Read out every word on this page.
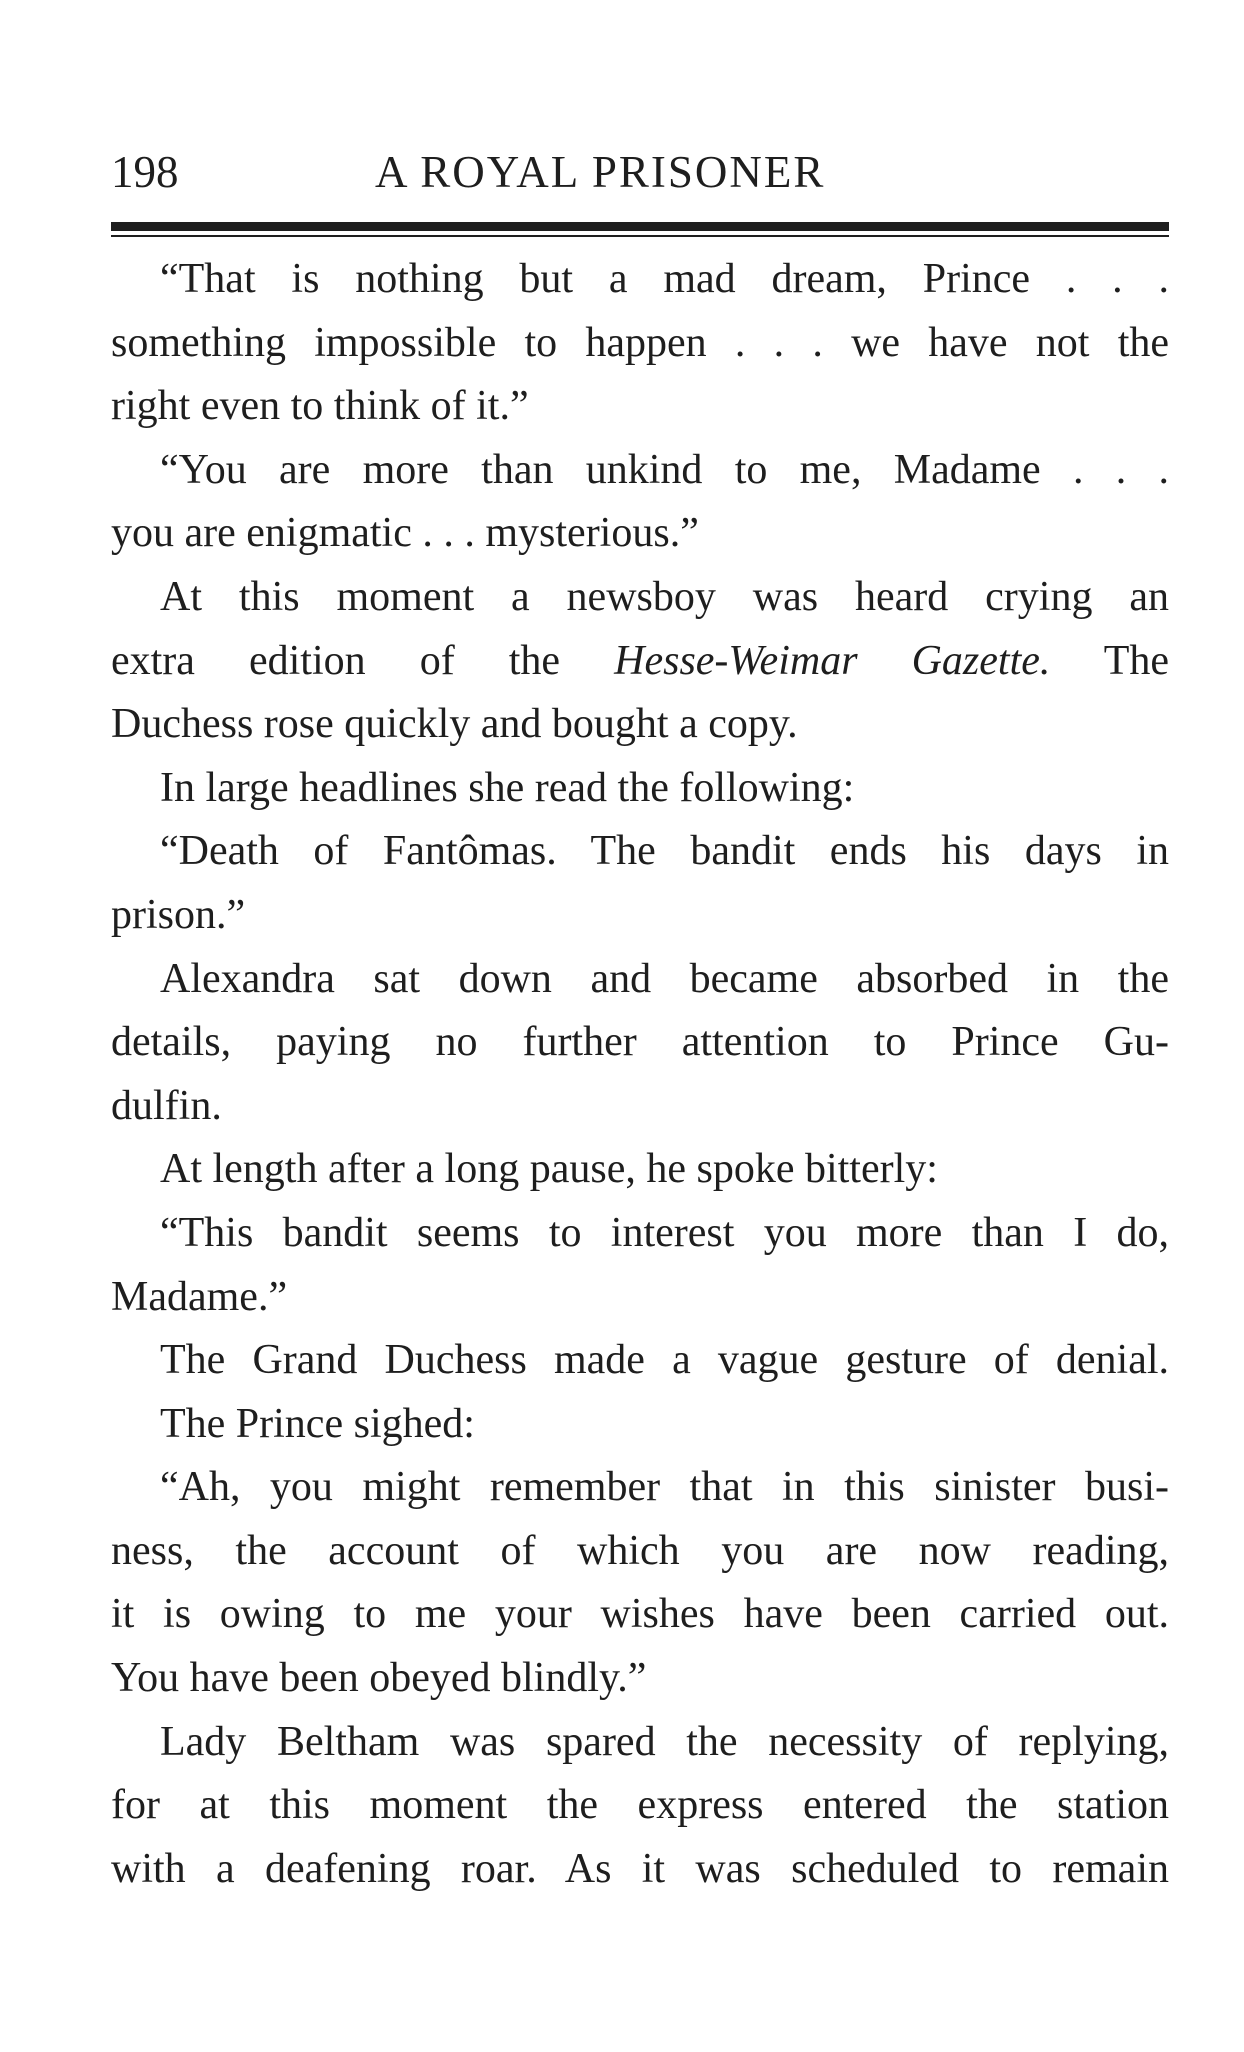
198	A ROYAL PRISONER
“That is nothing but a mad dream, Prince . . .
something impossible to happen . . . we have not the
right even to think of it.”
“You are more than unkind to me, Madame . . .
you are enigmatic . . . mysterious.”
At this moment a newsboy was heard crying an
extra edition of the Hesse-Weimar Gazette. The
Duchess rose quickly and bought a copy.
In large headlines she read the following:
“Death of Fantômas. The bandit ends his days in
prison.”
Alexandra sat down and became absorbed in the
details, paying no further attention to Prince Gu-
dulfin.
At length after a long pause, he spoke bitterly:
“This bandit seems to interest you more than I do,
Madame.”
The Grand Duchess made a vague gesture of denial.
The Prince sighed:
“Ah, you might remember that in this sinister busi-
ness, the account of which you are now reading,
it is owing to me your wishes have been carried out.
You have been obeyed blindly.”
Lady Beltham was spared the necessity of replying,
for at this moment the express entered the station
with a deafening roar. As it was scheduled to remain
